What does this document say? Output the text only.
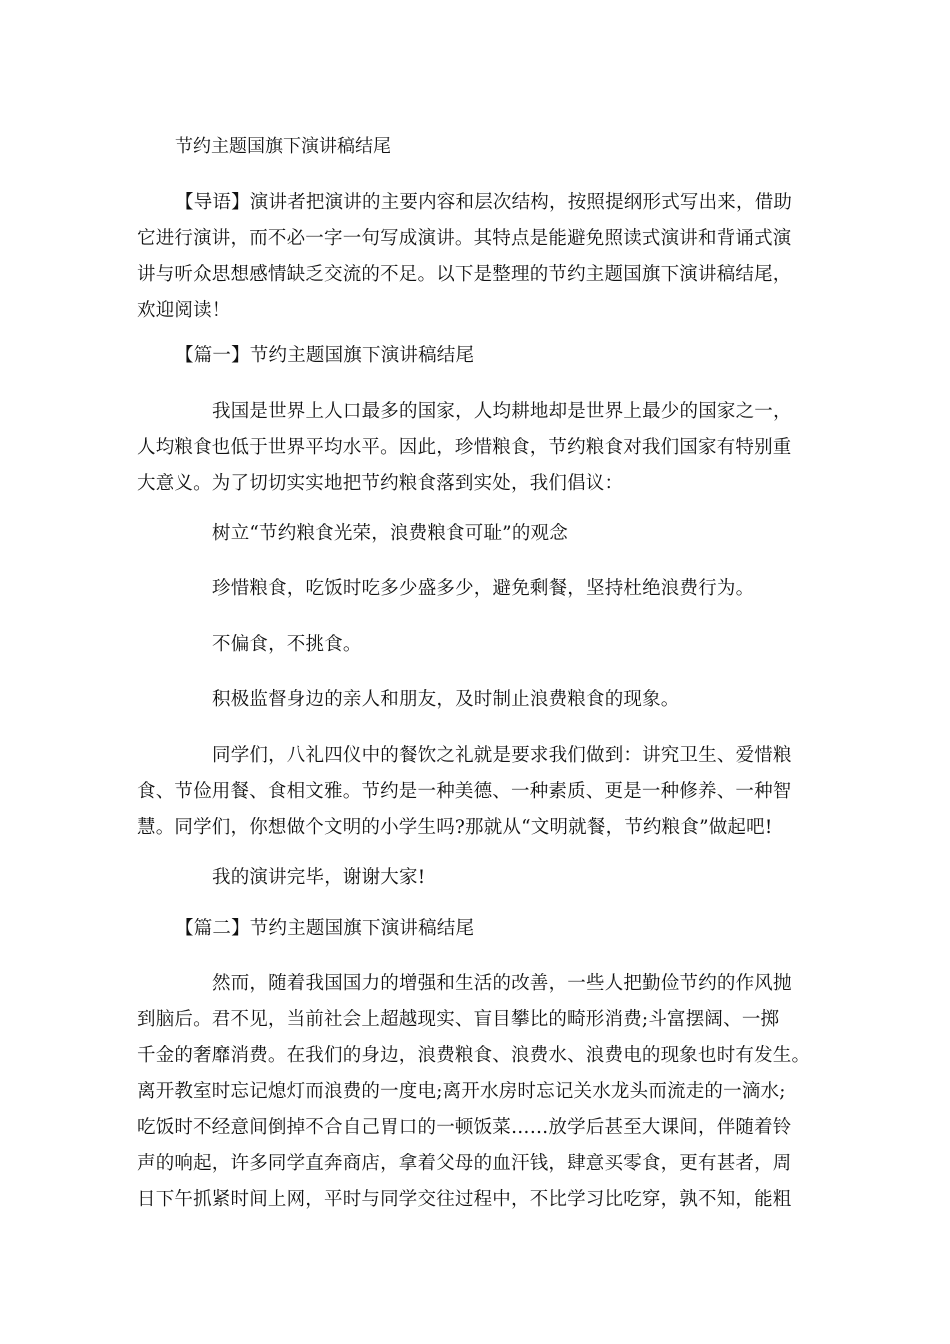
节约主题国旗下演讲稿结尾
【导语】演讲者把演讲的主要内容和层次结构，按照提纲形式写出来，借助
它进行演讲，而不必一字一句写成演讲。其特点是能避免照读式演讲和背诵式演
讲与听众思想感情缺乏交流的不足。以下是整理的节约主题国旗下演讲稿结尾，
欢迎阅读！
【篇一】节约主题国旗下演讲稿结尾
我国是世界上人口最多的国家，人均耕地却是世界上最少的国家之一，
人均粮食也低于世界平均水平。因此，珍惜粮食，节约粮食对我们国家有特别重
大意义。为了切切实实地把节约粮食落到实处，我们倡议：
树立“节约粮食光荣，浪费粮食可耻”的观念
珍惜粮食，吃饭时吃多少盛多少，避免剩餐，坚持杜绝浪费行为。
不偏食，不挑食。
积极监督身边的亲人和朋友，及时制止浪费粮食的现象。
同学们，八礼四仪中的餐饮之礼就是要求我们做到：讲究卫生、爱惜粮
食、节俭用餐、食相文雅。节约是一种美德、一种素质、更是一种修养、一种智
慧。同学们，你想做个文明的小学生吗?那就从“文明就餐，节约粮食”做起吧!
我的演讲完毕，谢谢大家!
【篇二】节约主题国旗下演讲稿结尾
然而，随着我国国力的增强和生活的改善，一些人把勤俭节约的作风抛
到脑后。君不见，当前社会上超越现实、盲目攀比的畸形消费;斗富摆阔、一掷
千金的奢靡消费。在我们的身边，浪费粮食、浪费水、浪费电的现象也时有发生。
离开教室时忘记熄灯而浪费的一度电;离开水房时忘记关水龙头而流走的一滴水;
吃饭时不经意间倒掉不合自己胃口的一顿饭菜……放学后甚至大课间，伴随着铃
声的响起，许多同学直奔商店，拿着父母的血汗钱，肆意买零食，更有甚者，周
日下午抓紧时间上网，平时与同学交往过程中，不比学习比吃穿，孰不知，能粗
